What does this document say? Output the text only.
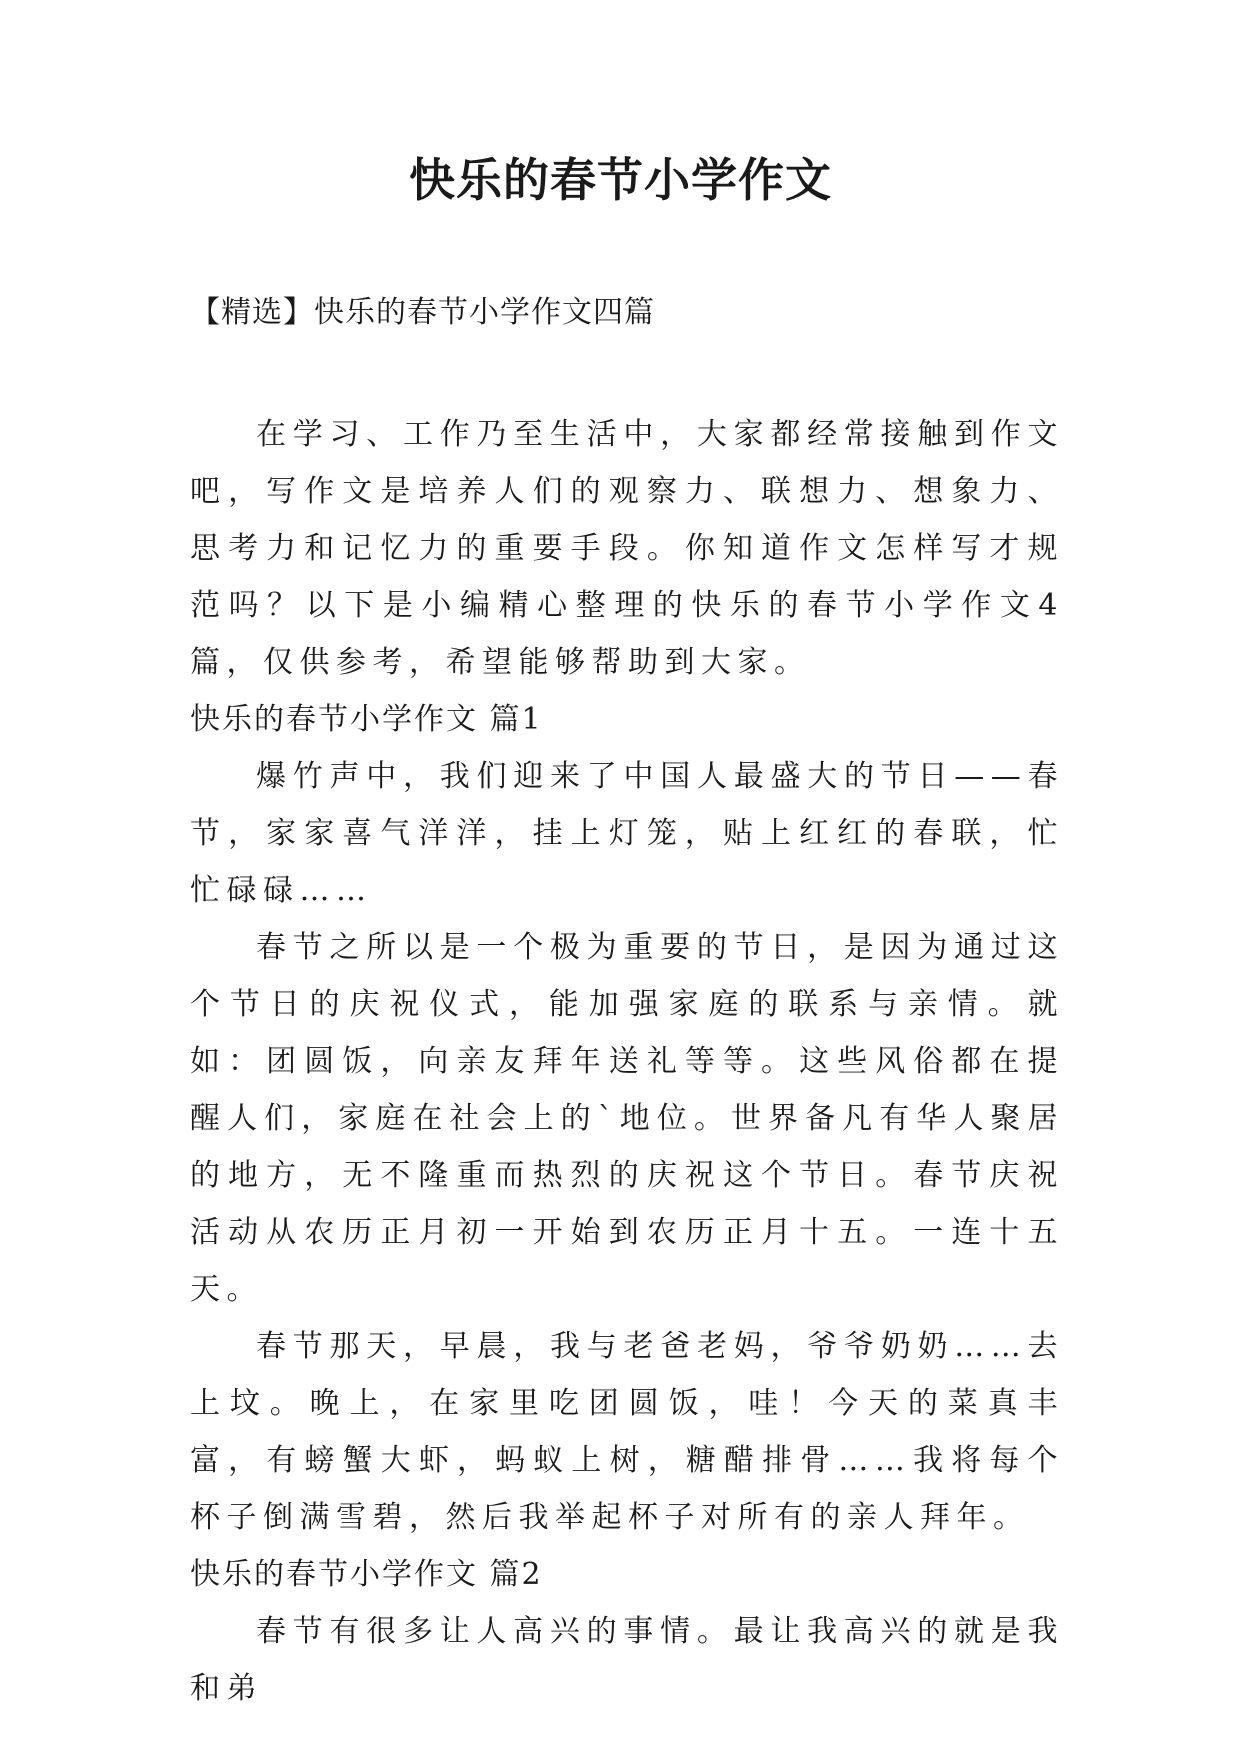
快乐的春节小学作文
【精选】快乐的春节小学作文四篇

在学习、工作乃至生活中，大家都经常接触到作文吧，写作文是培养人们的观察力、联想力、想象力、思考力和记忆力的重要手段。你知道作文怎样写才规范吗？以下是小编精心整理的快乐的春节小学作文4篇，仅供参考，希望能够帮助到大家。

快乐的春节小学作文 篇1

爆竹声中，我们迎来了中国人最盛大的节日——春节，家家喜气洋洋，挂上灯笼，贴上红红的春联，忙忙碌碌……

春节之所以是一个极为重要的节日，是因为通过这个节日的庆祝仪式，能加强家庭的联系与亲情。就如：团圆饭，向亲友拜年送礼等等。这些风俗都在提醒人们，家庭在社会上的`地位。世界备凡有华人聚居的地方，无不隆重而热烈的庆祝这个节日。春节庆祝活动从农历正月初一开始到农历正月十五。一连十五天。

春节那天，早晨，我与老爸老妈，爷爷奶奶……去上坟。晚上，在家里吃团圆饭，哇！今天的菜真丰富，有螃蟹大虾，蚂蚁上树，糖醋排骨……我将每个杯子倒满雪碧，然后我举起杯子对所有的亲人拜年。

快乐的春节小学作文 篇2

春节有很多让人高兴的事情。最让我高兴的就是我和弟
